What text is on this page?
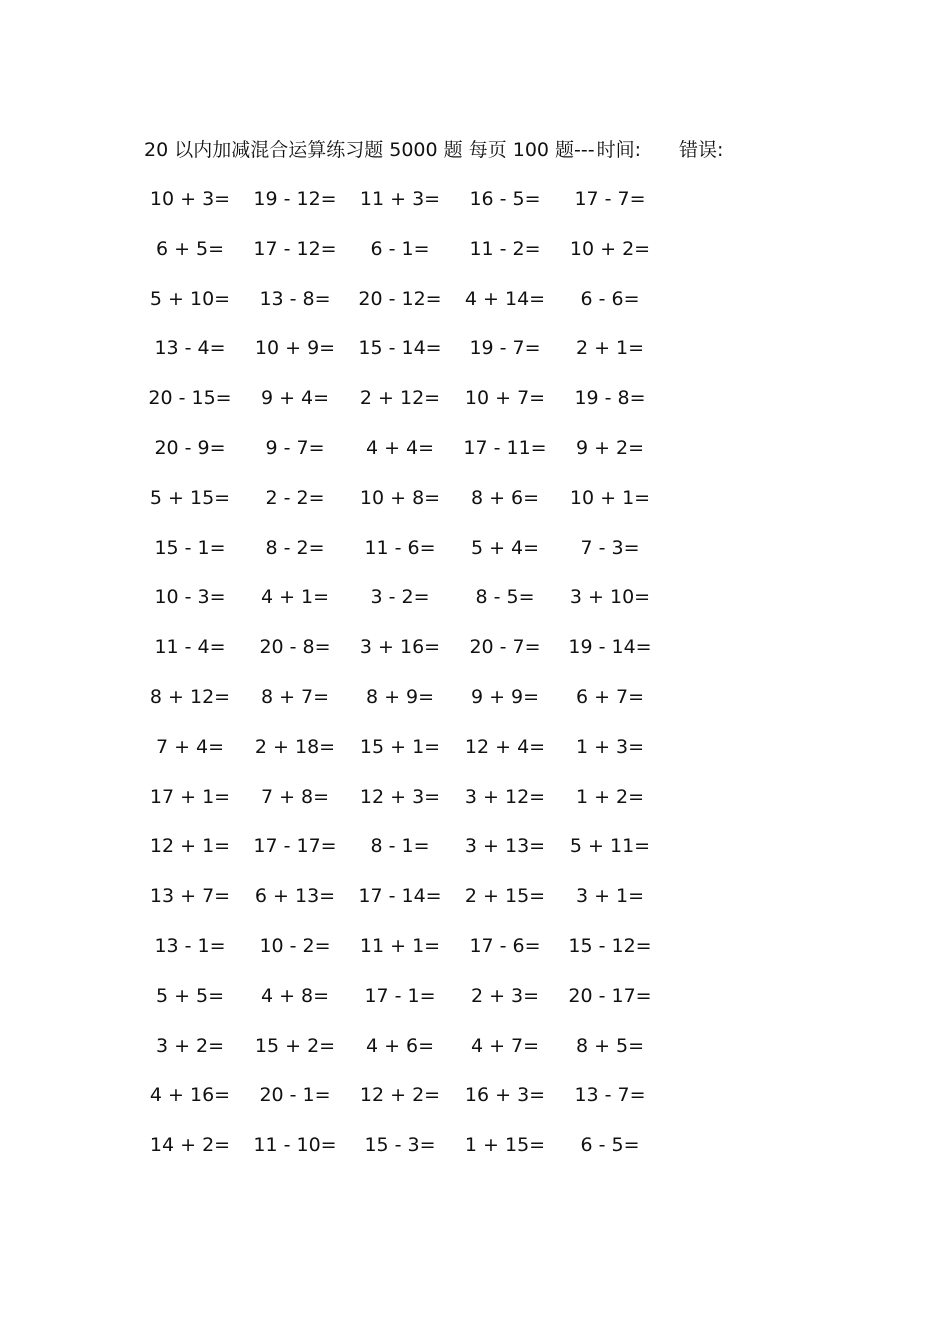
20 以内加减混合运算练习题 5000 题 每页 100 题--- 时间: 错误:
10 + 3= 19 - 12=	11 + 3=	16 - 5=	17 - 7=
6 + 5=	17 - 12=	6 - 1=	11 - 2=	10 + 2=
5 + 10=	13 - 8=	20 - 12=	4 + 14=	6 - 6=
13 - 4=	10 + 9= 15 - 14=	19 - 7=	2 + 1=
20 - 15=	9 + 4=	2 + 12=	10 + 7=	19 - 8=
20 - 9=	9 - 7=	4 + 4=	17 - 11=	9 + 2=
5 + 15=	2 - 2=	10 + 8=	8 + 6=	10 + 1=
15 - 1=	8 - 2=	11 - 6=	5 + 4=	7 - 3=
10 - 3=	4 + 1=	3 - 2=	8 - 5=	3 + 10=
11 - 4=	20 - 8=	3 + 16=	20 - 7=	19 - 14=
8 + 12=	8 + 7=	8 + 9=	9 + 9=	6 + 7=
7 + 4=	2 + 18=	15 + 1=	12 + 4=	1 + 3=
17 + 1=	7 + 8=	12 + 3=	3 + 12=	1 + 2=
12 + 1= 17 - 17=	8 - 1=	3 + 13=	5 + 11=
13 + 7=	6 + 13= 17 - 14=	2 + 15=	3 + 1=
13 - 1=	10 - 2=	11 + 1=	17 - 6=	15 - 12=
5 + 5=	4 + 8=	17 - 1=	2 + 3=	20 - 17=
3 + 2=	15 + 2=	4 + 6=	4 + 7=	8 + 5=
4 + 16=	20 - 1=	12 + 2=	16 + 3=	13 - 7=
14 + 2= 11 - 10=	15 - 3=	1 + 15=	6 - 5=
